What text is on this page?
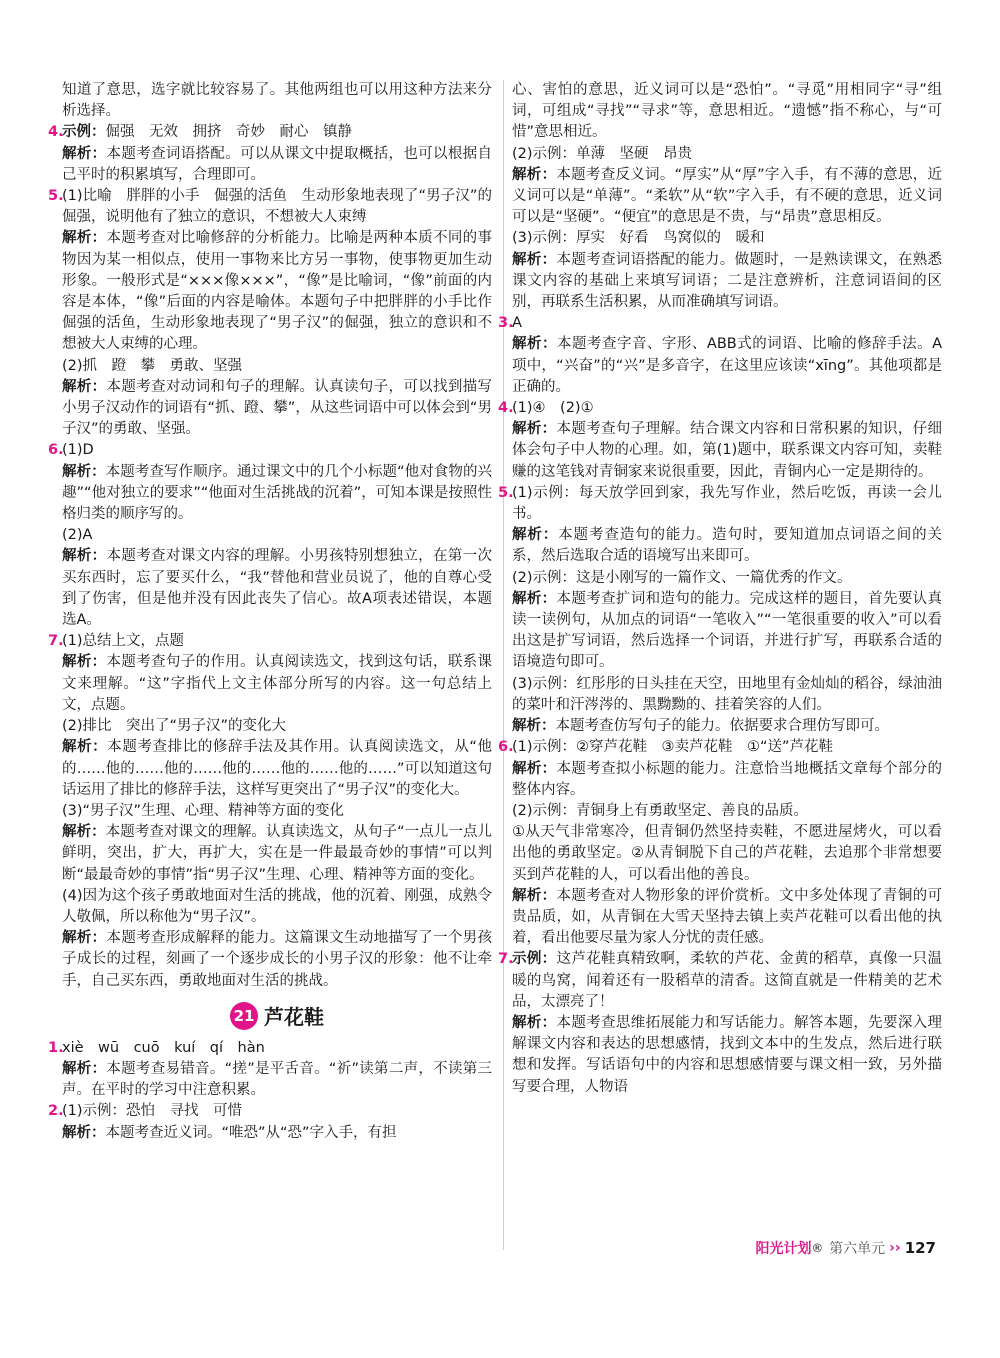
知道了意思，选字就比较容易了。其他两组也可以用这种方法来分析选择。

4.
示例：倔强　无效　拥挤　奇妙　耐心　镇静

解析：本题考查词语搭配。可以从课文中提取概括，也可以根据自己平时的积累填写，合理即可。

5.
(1)比喻　胖胖的小手　倔强的活鱼　生动形象地表现了“男子汉”的倔强，说明他有了独立的意识，不想被大人束缚

解析：本题考查对比喻修辞的分析能力。比喻是两种本质不同的事物因为某一相似点，使用一事物来比方另一事物，使事物更加生动形象。一般形式是“×××像×××”，“像”是比喻词，“像”前面的内容是本体，“像”后面的内容是喻体。本题句子中把胖胖的小手比作倔强的活鱼，生动形象地表现了“男子汉”的倔强，独立的意识和不想被大人束缚的心理。

(2)抓　蹬　攀　勇敢、坚强

解析：本题考查对动词和句子的理解。认真读句子，可以找到描写小男子汉动作的词语有“抓、蹬、攀”，从这些词语中可以体会到“男子汉”的勇敢、坚强。

6.
(1)D

解析：本题考查写作顺序。通过课文中的几个小标题“他对食物的兴趣”“他对独立的要求”“他面对生活挑战的沉着”，可知本课是按照性格归类的顺序写的。

(2)A

解析：本题考查对课文内容的理解。小男孩特别想独立，在第一次买东西时，忘了要买什么，“我”替他和营业员说了，他的自尊心受到了伤害，但是他并没有因此丧失了信心。故A项表述错误，本题选A。

7.
(1)总结上文，点题

解析：本题考查句子的作用。认真阅读选文，找到这句话，联系课文来理解。“这”字指代上文主体部分所写的内容。这一句总结上文，点题。

(2)排比　突出了“男子汉”的变化大

解析：本题考查排比的修辞手法及其作用。认真阅读选文，从“他的……他的……他的……他的……他的……他的……”可以知道这句话运用了排比的修辞手法，这样写更突出了“男子汉”的变化大。

(3)“男子汉”生理、心理、精神等方面的变化

解析：本题考查对课文的理解。认真读选文，从句子“一点儿一点儿鲜明，突出，扩大，再扩大，实在是一件最最奇妙的事情”可以判断“最最奇妙的事情”指“男子汉”生理、心理、精神等方面的变化。

(4)因为这个孩子勇敢地面对生活的挑战，他的沉着、刚强，成熟令人敬佩，所以称他为“男子汉”。

解析：本题考查形成解释的能力。这篇课文生动地描写了一个男孩子成长的过程，刻画了一个逐步成长的小男子汉的形象：他不让牵手，自己买东西，勇敢地面对生活的挑战。

21 芦花鞋

1.
xiè　wū　cuō　kuí　qí　hàn

解析：本题考查易错音。“搓”是平舌音。“祈”读第二声，不读第三声。在平时的学习中注意积累。

2.
(1)示例：恐怕　寻找　可惜

解析：本题考查近义词。“唯恐”从“恐”字入手，有担

心、害怕的意思，近义词可以是“恐怕”。“寻觅”用相同字“寻”组词，可组成“寻找”“寻求”等，意思相近。“遗憾”指不称心，与“可惜”意思相近。

(2)示例：单薄　坚硬　昂贵

解析：本题考查反义词。“厚实”从“厚”字入手，有不薄的意思，近义词可以是“单薄”。“柔软”从“软”字入手，有不硬的意思，近义词可以是“坚硬”。“便宜”的意思是不贵，与“昂贵”意思相反。

(3)示例：厚实　好看　鸟窝似的　暖和

解析：本题考查词语搭配的能力。做题时，一是熟读课文，在熟悉课文内容的基础上来填写词语；二是注意辨析，注意词语间的区别，再联系生活积累，从而准确填写词语。

3.
A

解析：本题考查字音、字形、ABB式的词语、比喻的修辞手法。A项中，“兴奋”的“兴”是多音字，在这里应该读“xīng”。其他项都是正确的。

4.
(1)④　(2)①

解析：本题考查句子理解。结合课文内容和日常积累的知识，仔细体会句子中人物的心理。如，第(1)题中，联系课文内容可知，卖鞋赚的这笔钱对青铜家来说很重要，因此，青铜内心一定是期待的。

5.
(1)示例：每天放学回到家，我先写作业，然后吃饭，再读一会儿书。

解析：本题考查造句的能力。造句时，要知道加点词语之间的关系，然后选取合适的语境写出来即可。

(2)示例：这是小刚写的一篇作文、一篇优秀的作文。

解析：本题考查扩词和造句的能力。完成这样的题目，首先要认真读一读例句，从加点的词语“一笔收入”“一笔很重要的收入”可以看出这是扩写词语，然后选择一个词语，并进行扩写，再联系合适的语境造句即可。

(3)示例：红彤彤的日头挂在天空，田地里有金灿灿的稻谷，绿油油的菜叶和汗涔涔的、黑黝黝的、挂着笑容的人们。

解析：本题考查仿写句子的能力。依据要求合理仿写即可。

6.
(1)示例：②穿芦花鞋　③卖芦花鞋　①“送”芦花鞋

解析：本题考查拟小标题的能力。注意恰当地概括文章每个部分的整体内容。

(2)示例：青铜身上有勇敢坚定、善良的品质。

①从天气非常寒冷，但青铜仍然坚持卖鞋，不愿进屋烤火，可以看出他的勇敢坚定。②从青铜脱下自己的芦花鞋，去追那个非常想要买到芦花鞋的人，可以看出他的善良。

解析：本题考查对人物形象的评价赏析。文中多处体现了青铜的可贵品质，如，从青铜在大雪天坚持去镇上卖芦花鞋可以看出他的执着，看出他要尽量为家人分忧的责任感。

7.
示例：这芦花鞋真精致啊，柔软的芦花、金黄的稻草，真像一只温暖的鸟窝，闻着还有一股稻草的清香。这简直就是一件精美的艺术品，太漂亮了！

解析：本题考查思维拓展能力和写话能力。解答本题，先要深入理解课文内容和表达的思想感情，找到文本中的生发点，然后进行联想和发挥。写话语句中的内容和思想感情要与课文相一致，另外描写要合理，人物语

阳光计划 ® 第六单元 ›› 127
